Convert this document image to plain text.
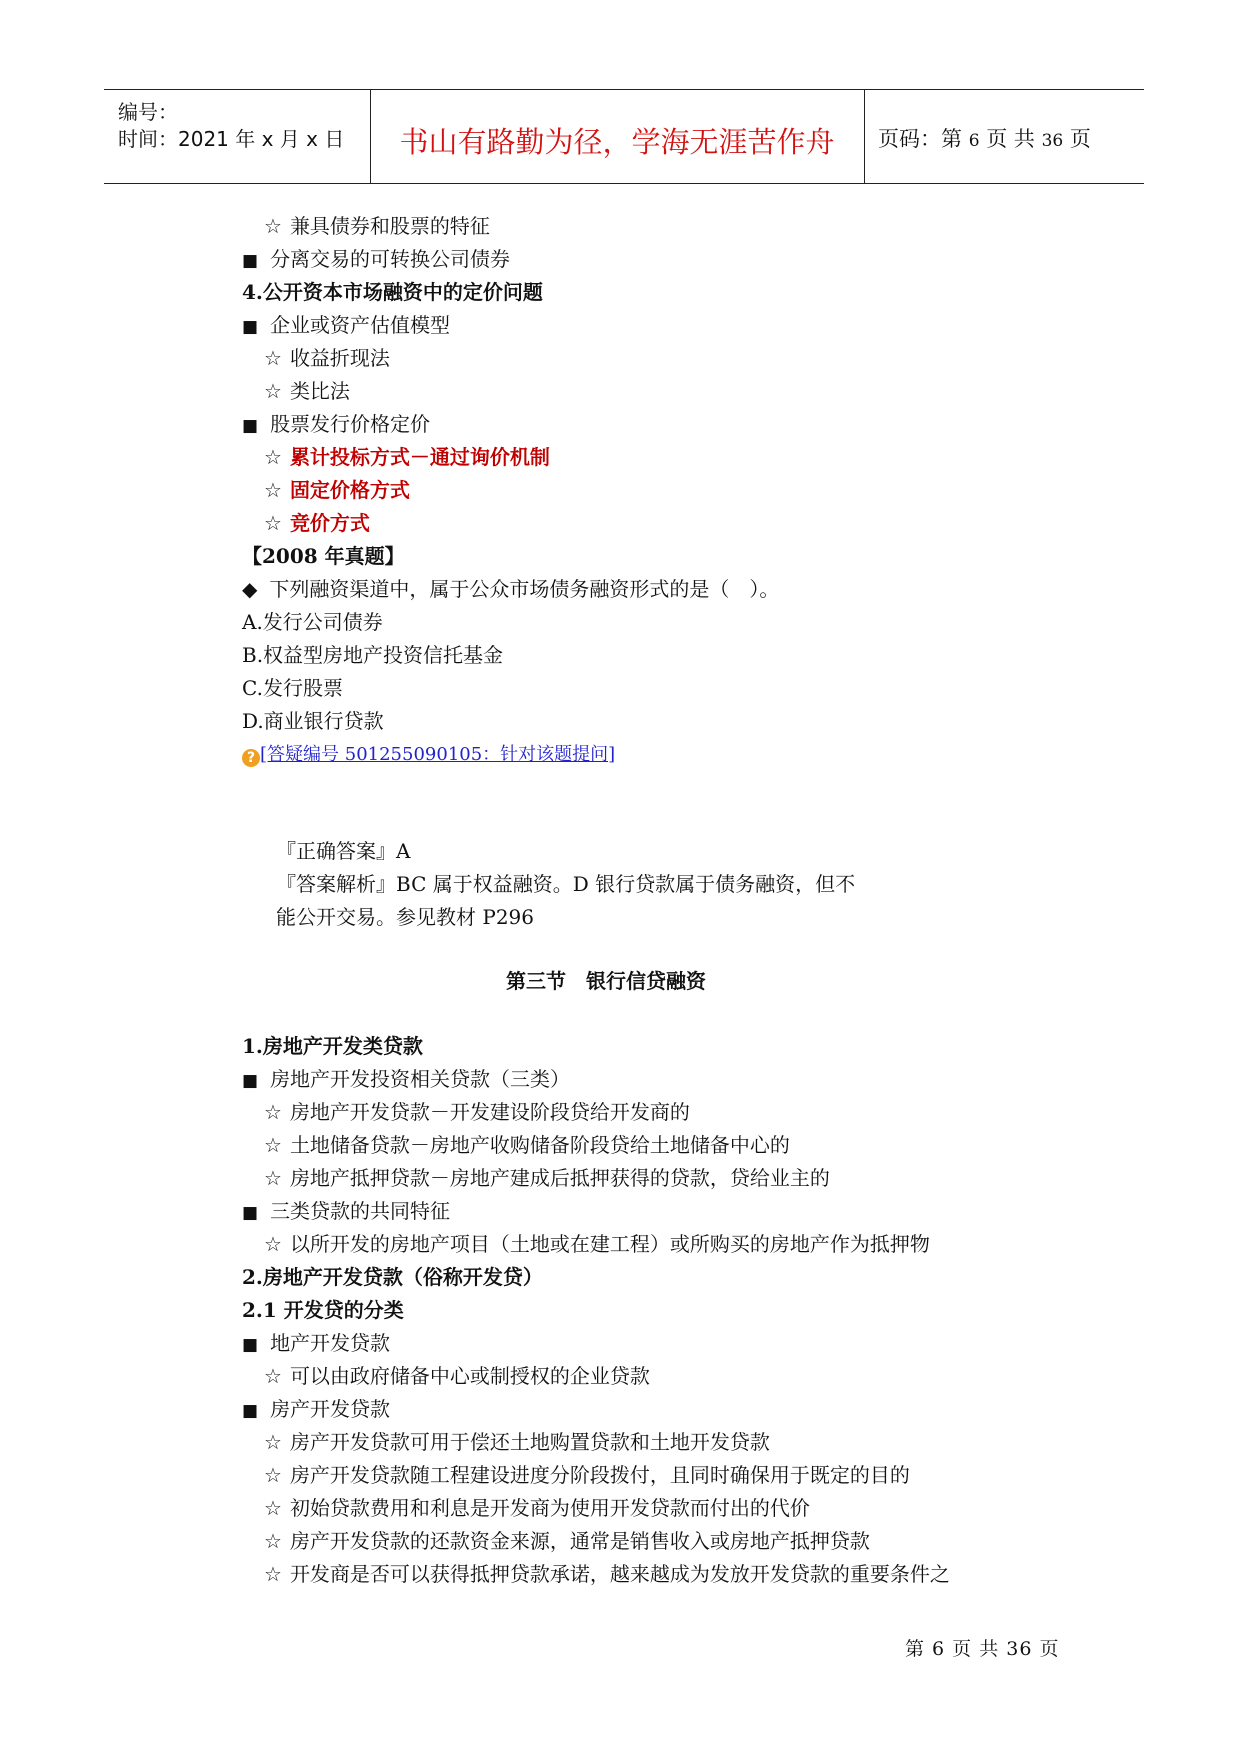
编号：
时间：2021 年 x 月 x 日	书山有路勤为径，学海无涯苦作舟	页码：第 6 页 共 36 页
☆ 兼具债券和股票的特征
■ 分离交易的可转换公司债券
4.公开资本市场融资中的定价问题
■ 企业或资产估值模型
☆ 收益折现法
☆ 类比法
■ 股票发行价格定价
☆ 累计投标方式－通过询价机制
☆ 固定价格方式
☆ 竞价方式
【2008 年真题】
◆ 下列融资渠道中，属于公众市场债务融资形式的是（　）。
A.发行公司债券
B.权益型房地产投资信托基金
C.发行股票
D.商业银行贷款
? [答疑编号 501255090105：针对该题提问]
『正确答案』A
『答案解析』BC 属于权益融资。D 银行贷款属于债务融资，但不
能公开交易。参见教材 P296
第三节　银行信贷融资
1.房地产开发类贷款
■ 房地产开发投资相关贷款（三类）
☆ 房地产开发贷款－开发建设阶段贷给开发商的
☆ 土地储备贷款－房地产收购储备阶段贷给土地储备中心的
☆ 房地产抵押贷款－房地产建成后抵押获得的贷款，贷给业主的
■ 三类贷款的共同特征
☆ 以所开发的房地产项目（土地或在建工程）或所购买的房地产作为抵押物
2.房地产开发贷款（俗称开发贷）
2.1 开发贷的分类
■ 地产开发贷款
☆ 可以由政府储备中心或制授权的企业贷款
■ 房产开发贷款
☆ 房产开发贷款可用于偿还土地购置贷款和土地开发贷款
☆ 房产开发贷款随工程建设进度分阶段拨付，且同时确保用于既定的目的
☆ 初始贷款费用和利息是开发商为使用开发贷款而付出的代价
☆ 房产开发贷款的还款资金来源，通常是销售收入或房地产抵押贷款
☆ 开发商是否可以获得抵押贷款承诺，越来越成为发放开发贷款的重要条件之
第 6 页 共 36 页
